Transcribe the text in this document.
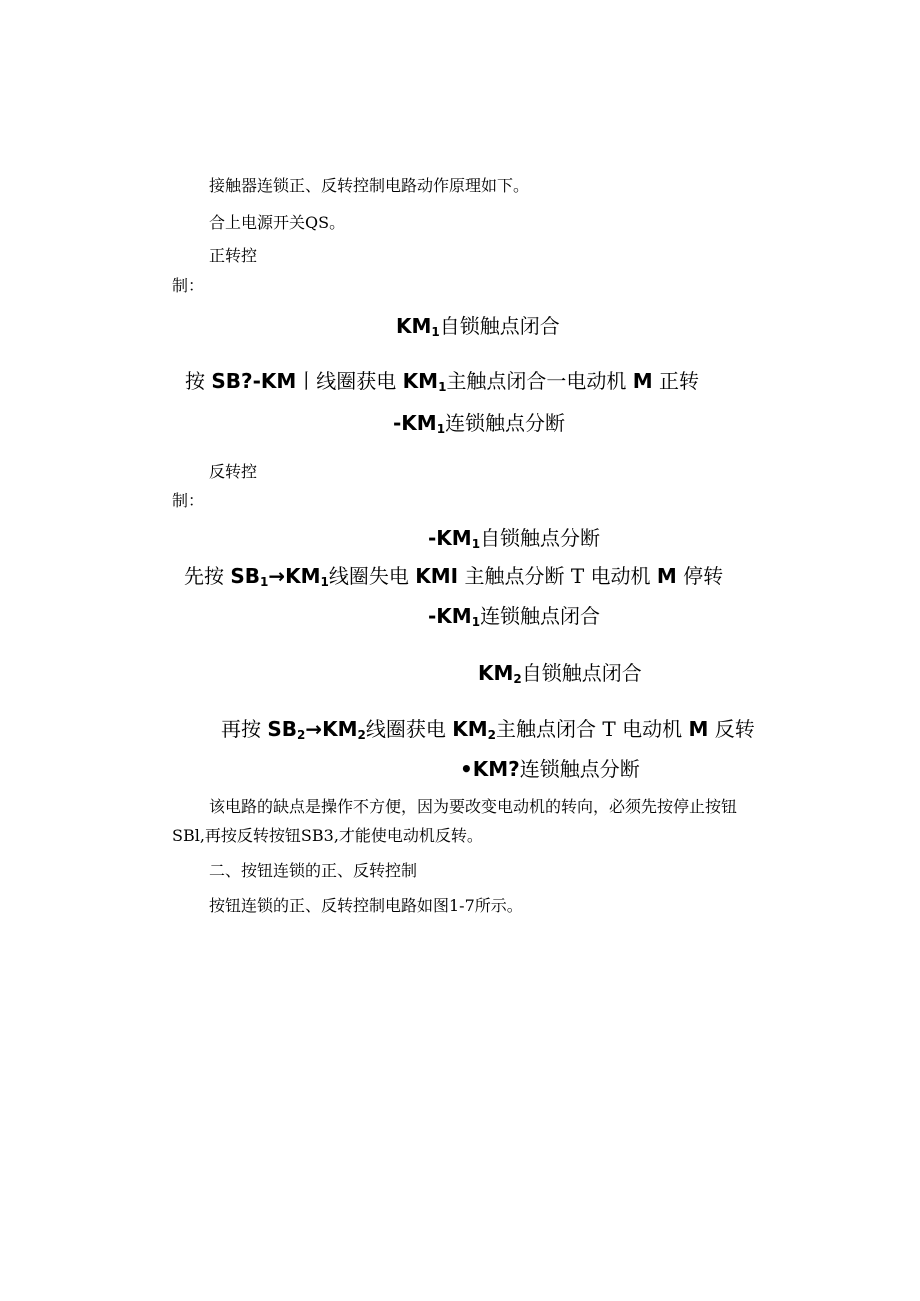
接触器连锁正、反转控制电路动作原理如下。
合上电源开关QS。
正转控
制：
$KM_1$自锁触点闭合
按 SB?-KM丨线圈获电 $KM_1$主触点闭合一电动机 M 正转
$-KM_1$连锁触点分断
反转控
制：
$-KM_1$自锁触点分断
先按 $SB_1\to KM_1$线圈失电 KMI 主触点分断 T 电动机 M 停转
$-KM_1$连锁触点闭合
$KM_2$自锁触点闭合
再按 $SB_2\to KM_2$线圈获电 $KM_2$主触点闭合 T 电动机 M 反转
•KM?连锁触点分断
该电路的缺点是操作不方便，因为要改变电动机的转向，必须先按停止按钮
SBl,再按反转按钮SB3,才能使电动机反转。
二、按钮连锁的正、反转控制
按钮连锁的正、反转控制电路如图1-7所示。
